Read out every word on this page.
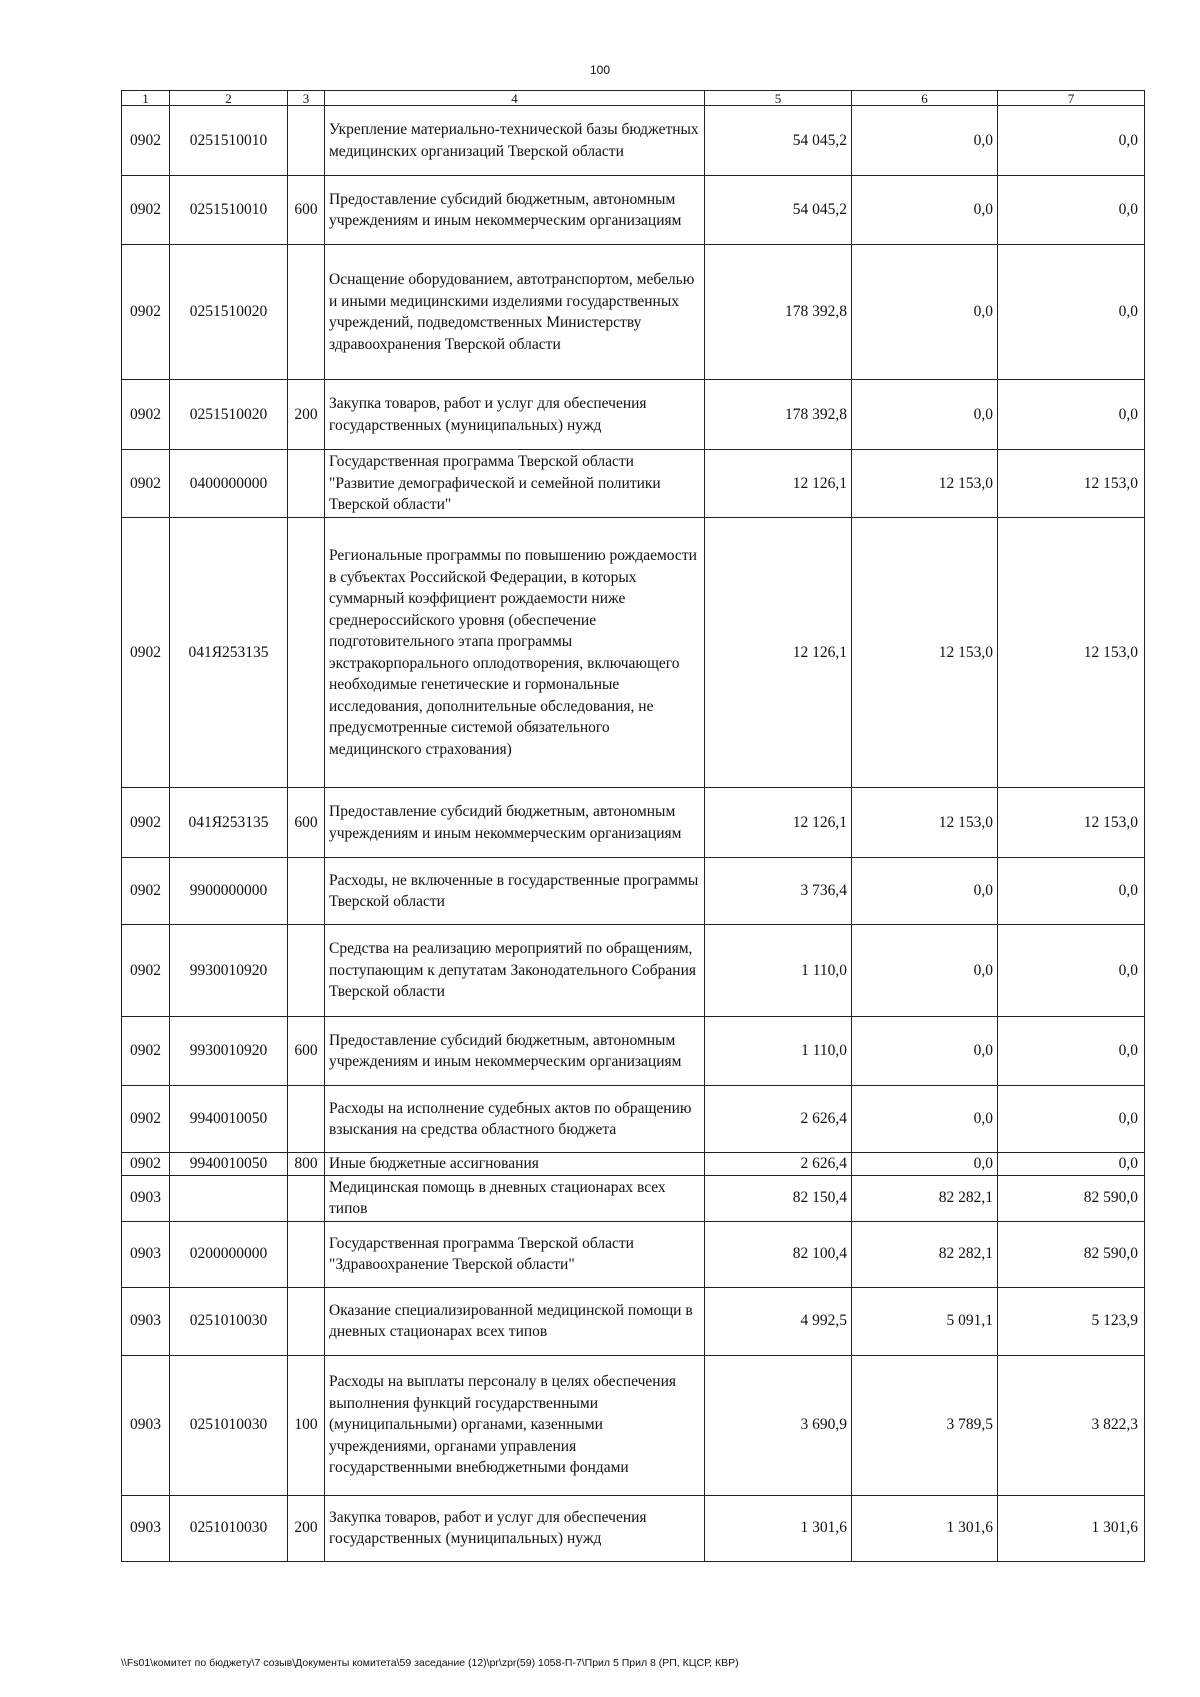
100
1	2	3	4	5	6	7
0902	0251510010		Укрепление материально-технической базы бюджетных медицинских организаций Тверской области	54 045,2	0,0	0,0
0902	0251510010	600	Предоставление субсидий бюджетным, автономным учреждениям и иным некоммерческим организациям	54 045,2	0,0	0,0
0902	0251510020		Оснащение оборудованием, автотранспортом, мебелью и иными медицинскими изделиями государственных учреждений, подведомственных Министерству здравоохранения Тверской области	178 392,8	0,0	0,0
0902	0251510020	200	Закупка товаров, работ и услуг для обеспечения государственных (муниципальных) нужд	178 392,8	0,0	0,0
0902	0400000000		Государственная программа Тверской области "Развитие демографической и семейной политики Тверской области"	12 126,1	12 153,0	12 153,0
0902	041Я253135		Региональные программы по повышению рождаемости в субъектах Российской Федерации, в которых суммарный коэффициент рождаемости ниже среднероссийского уровня (обеспечение подготовительного этапа программы экстракорпорального оплодотворения, включающего необходимые генетические и гормональные исследования, дополнительные обследования, не предусмотренные системой обязательного медицинского страхования)	12 126,1	12 153,0	12 153,0
0902	041Я253135	600	Предоставление субсидий бюджетным, автономным учреждениям и иным некоммерческим организациям	12 126,1	12 153,0	12 153,0
0902	9900000000		Расходы, не включенные в государственные программы Тверской области	3 736,4	0,0	0,0
0902	9930010920		Средства на реализацию мероприятий по обращениям, поступающим к депутатам Законодательного Собрания Тверской области	1 110,0	0,0	0,0
0902	9930010920	600	Предоставление субсидий бюджетным, автономным учреждениям и иным некоммерческим организациям	1 110,0	0,0	0,0
0902	9940010050		Расходы на исполнение судебных актов по обращению взыскания на средства областного бюджета	2 626,4	0,0	0,0
0902	9940010050	800	Иные бюджетные ассигнования	2 626,4	0,0	0,0
0903			Медицинская помощь в дневных стационарах всех типов	82 150,4	82 282,1	82 590,0
0903	0200000000		Государственная программа Тверской области "Здравоохранение Тверской области"	82 100,4	82 282,1	82 590,0
0903	0251010030		Оказание специализированной медицинской помощи в дневных стационарах всех типов	4 992,5	5 091,1	5 123,9
0903	0251010030	100	Расходы на выплаты персоналу в целях обеспечения выполнения функций государственными (муниципальными) органами, казенными учреждениями, органами управления государственными внебюджетными фондами	3 690,9	3 789,5	3 822,3
0903	0251010030	200	Закупка товаров, работ и услуг для обеспечения государственных (муниципальных) нужд	1 301,6	1 301,6	1 301,6
\\Fs01\комитет по бюджету\7 созыв\Документы комитета\59 заседание (12)\pr\zpr(59) 1058-П-7\Прил 5 Прил 8 (РП, КЦСР, КВР)
